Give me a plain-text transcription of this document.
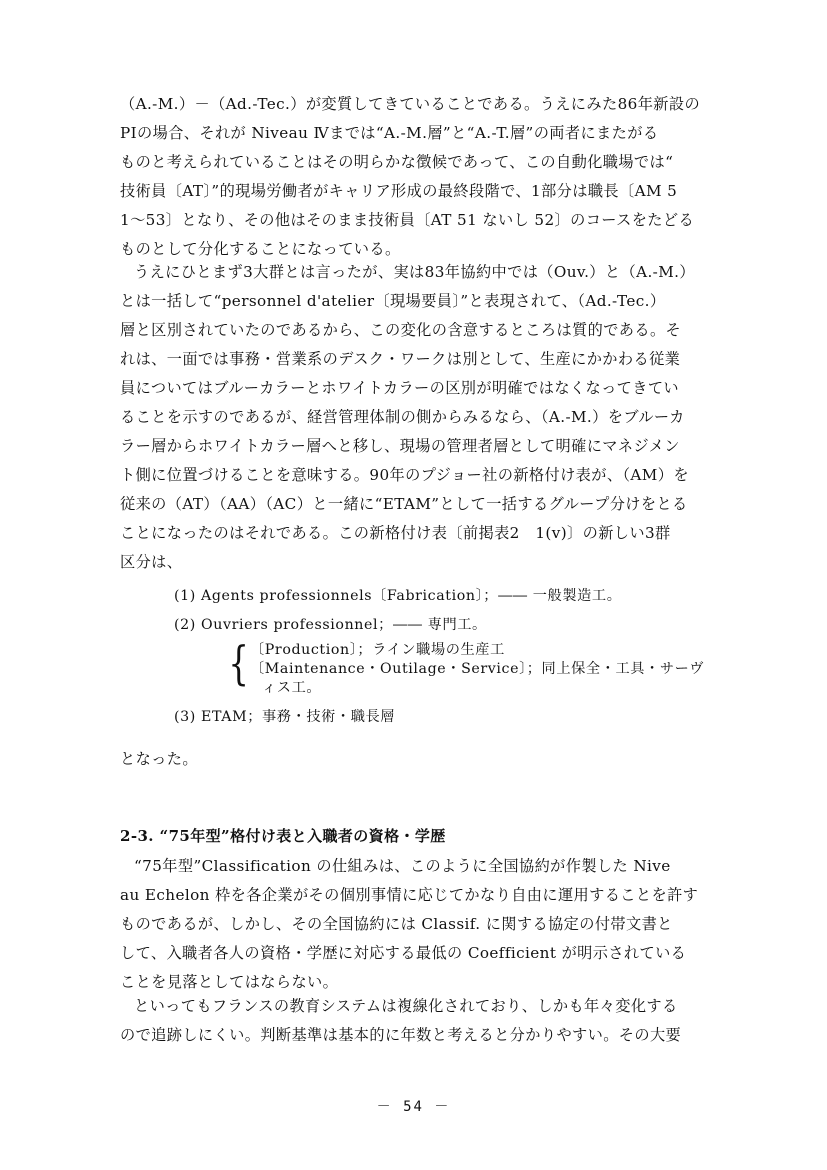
（A.-M.）－（Ad.-Tec.）が変質してきていることである。うえにみた86年新設の
PIの場合、それが Niveau Ⅳまでは“A.-M.層”と“A.-T.層”の両者にまたがる
ものと考えられていることはその明らかな徴候であって、この自動化職場では“
技術員〔AT〕”的現場労働者がキャリア形成の最終段階で、1部分は職長〔AM 5
1～53〕となり、その他はそのまま技術員〔AT 51 ないし 52〕のコースをたどる
ものとして分化することになっている。
うえにひとまず3大群とは言ったが、実は83年協約中では（Ouv.）と（A.-M.）
とは一括して“personnel d'atelier〔現場要員〕”と表現されて、（Ad.-Tec.）
層と区別されていたのであるから、この変化の含意するところは質的である。そ
れは、一面では事務・営業系のデスク・ワークは別として、生産にかかわる従業
員についてはブルーカラーとホワイトカラーの区別が明確ではなくなってきてい
ることを示すのであるが、経営管理体制の側からみるなら、（A.-M.）をブルーカ
ラー層からホワイトカラー層へと移し、現場の管理者層として明確にマネジメン
ト側に位置づけることを意味する。90年のプジョー社の新格付け表が、（AM）を
従来の（AT）（AA）（AC）と一緒に“ETAM”として一括するグループ分けをとる
ことになったのはそれである。この新格付け表〔前掲表2　1(v)〕の新しい3群
区分は、
(1) Agents professionnels〔Fabrication〕；―― 一般製造工。
(2) Ouvriers professionnel；―― 専門工。
{ 〔Production〕；ライン職場の生産工
〔Maintenance・Outilage・Service〕；同上保全・工具・サーヴ
ィス工。
(3) ETAM；事務・技術・職長層
となった。
2-3. “75年型”格付け表と入職者の資格・学歴
“75年型”Classification の仕組みは、このように全国協約が作製した Nive
au Echelon 枠を各企業がその個別事情に応じてかなり自由に運用することを許す
ものであるが、しかし、その全国協約には Classif. に関する協定の付帯文書と
して、入職者各人の資格・学歴に対応する最低の Coefficient が明示されている
ことを見落としてはならない。
といってもフランスの教育システムは複線化されており、しかも年々変化する
ので追跡しにくい。判断基準は基本的に年数と考えると分かりやすい。その大要
－ 54 －
